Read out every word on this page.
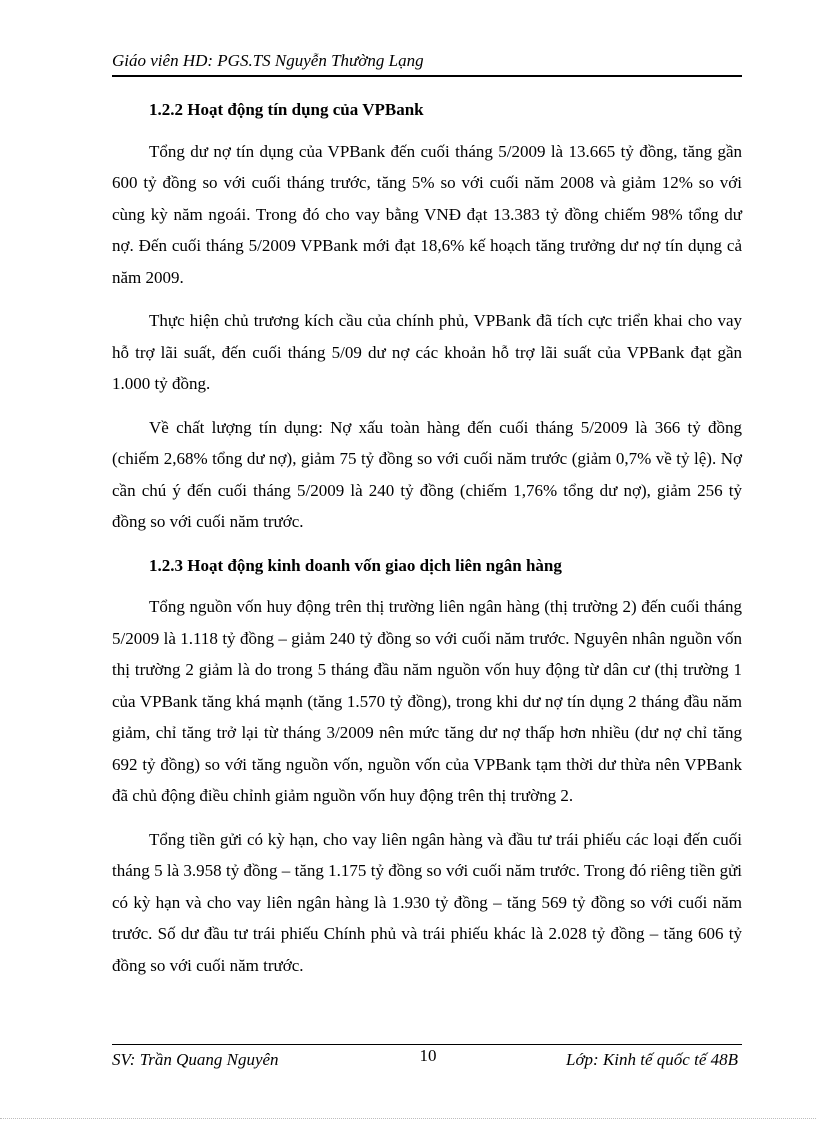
Giáo viên HD: PGS.TS Nguyễn Thường Lạng
1.2.2 Hoạt động tín dụng của VPBank

Tổng dư nợ tín dụng của VPBank đến cuối tháng 5/2009 là 13.665 tỷ đồng, tăng gần 600 tỷ đồng so với cuối tháng trước, tăng 5% so với cuối năm 2008 và giảm 12% so với cùng kỳ năm ngoái. Trong đó cho vay bằng VNĐ đạt 13.383 tỷ đồng chiếm 98% tổng dư nợ. Đến cuối tháng 5/2009 VPBank mới đạt 18,6% kế hoạch tăng trưởng dư nợ tín dụng cả năm 2009.

Thực hiện chủ trương kích cầu của chính phủ, VPBank đã tích cực triển khai cho vay hỗ trợ lãi suất, đến cuối tháng 5/09 dư nợ các khoản hỗ trợ lãi suất của VPBank đạt gần 1.000 tỷ đồng.

Về chất lượng tín dụng: Nợ xấu toàn hàng đến cuối tháng 5/2009 là 366 tỷ đồng (chiếm 2,68% tổng dư nợ), giảm 75 tỷ đồng so với cuối năm trước (giảm 0,7% về tỷ lệ). Nợ cần chú ý đến cuối tháng 5/2009 là 240 tỷ đồng (chiếm 1,76% tổng dư nợ), giảm 256 tỷ đồng so với cuối năm trước.

1.2.3 Hoạt động kinh doanh vốn giao dịch liên ngân hàng

Tổng nguồn vốn huy động trên thị trường liên ngân hàng (thị trường 2) đến cuối tháng 5/2009 là 1.118 tỷ đồng – giảm 240 tỷ đồng so với cuối năm trước. Nguyên nhân nguồn vốn thị trường 2 giảm là do trong 5 tháng đầu năm nguồn vốn huy động từ dân cư (thị trường 1 của VPBank tăng khá mạnh (tăng 1.570 tỷ đồng), trong khi dư nợ tín dụng 2 tháng đầu năm giảm, chỉ tăng trở lại từ tháng 3/2009 nên mức tăng dư nợ thấp hơn nhiều (dư nợ chỉ tăng 692 tỷ đồng) so với tăng nguồn vốn, nguồn vốn của VPBank tạm thời dư thừa nên VPBank đã chủ động điều chỉnh giảm nguồn vốn huy động trên thị trường 2.

Tổng tiền gửi có kỳ hạn, cho vay liên ngân hàng và đầu tư trái phiếu các loại đến cuối tháng 5 là 3.958 tỷ đồng – tăng 1.175 tỷ đồng so với cuối năm trước. Trong đó riêng tiền gửi có kỳ hạn và cho vay liên ngân hàng là 1.930 tỷ đồng – tăng 569 tỷ đồng so với cuối năm trước. Số dư đầu tư trái phiếu Chính phủ và trái phiếu khác là 2.028 tỷ đồng – tăng 606 tỷ đồng so với cuối năm trước.

SV: Trần Quang Nguyên	10	Lớp: Kinh tế quốc tế 48B
